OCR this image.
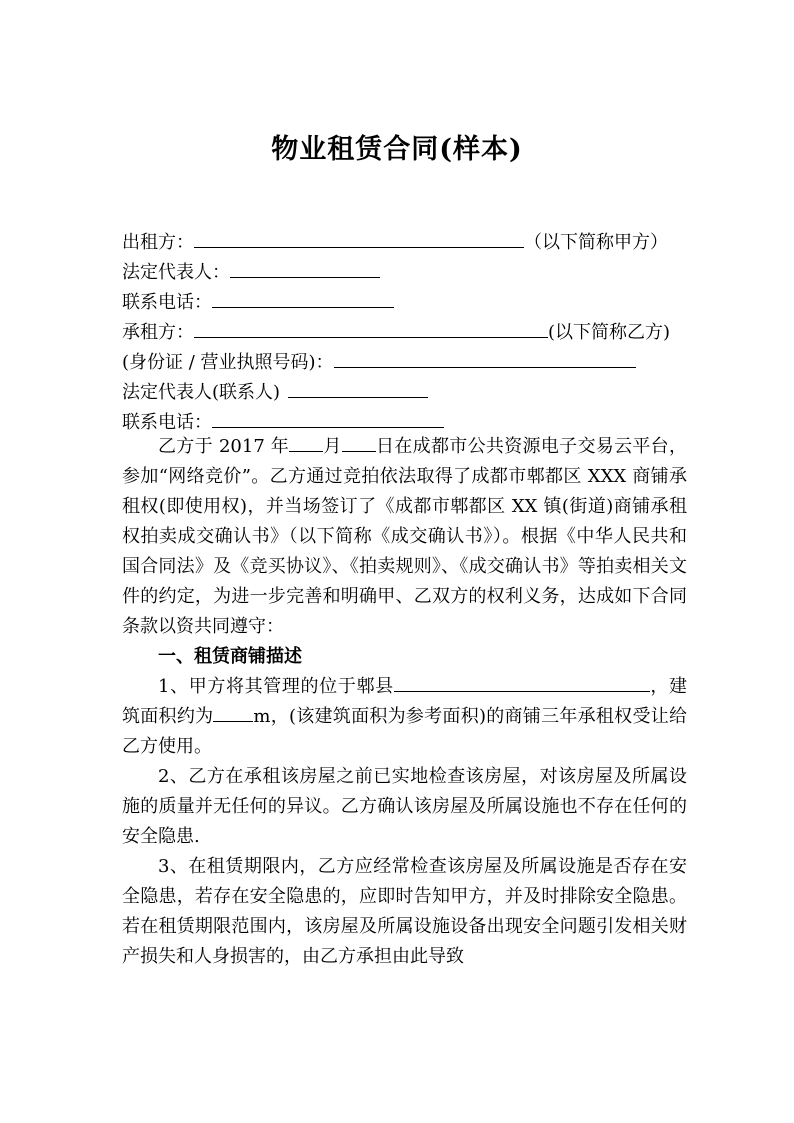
物业租赁合同(样本)
出租方：	（以下简称甲方）
法定代表人：
联系电话：
承租方：	(以下简称乙方)
(身份证 / 营业执照号码)：
法定代表人(联系人)
联系电话：

乙方于 2017 年 月 日在成都市公共资源电子交易云平台，参加“网络竞价”。乙方通过竞拍依法取得了成都市郫都区 XXX 商铺承租权(即使用权)，并当场签订了《成都市郫都区 XX 镇(街道)商铺承租权拍卖成交确认书》（以下简称《成交确认书》）。根据《中华人民共和国合同法》及《竞买协议》、《拍卖规则》、《成交确认书》等拍卖相关文件的约定，为进一步完善和明确甲、乙双方的权利义务，达成如下合同条款以资共同遵守：

一、租赁商铺描述

1、甲方将其管理的位于郫县	，建筑面积约为 m，(该建筑面积为参考面积)的商铺三年承租权受让给乙方使用。

2、乙方在承租该房屋之前已实地检查该房屋，对该房屋及所属设施的质量并无任何的异议。乙方确认该房屋及所属设施也不存在任何的安全隐患.

3、在租赁期限内，乙方应经常检查该房屋及所属设施是否存在安全隐患，若存在安全隐患的，应即时告知甲方，并及时排除安全隐患。若在租赁期限范围内，该房屋及所属设施设备出现安全问题引发相关财产损失和人身损害的，由乙方承担由此导致
